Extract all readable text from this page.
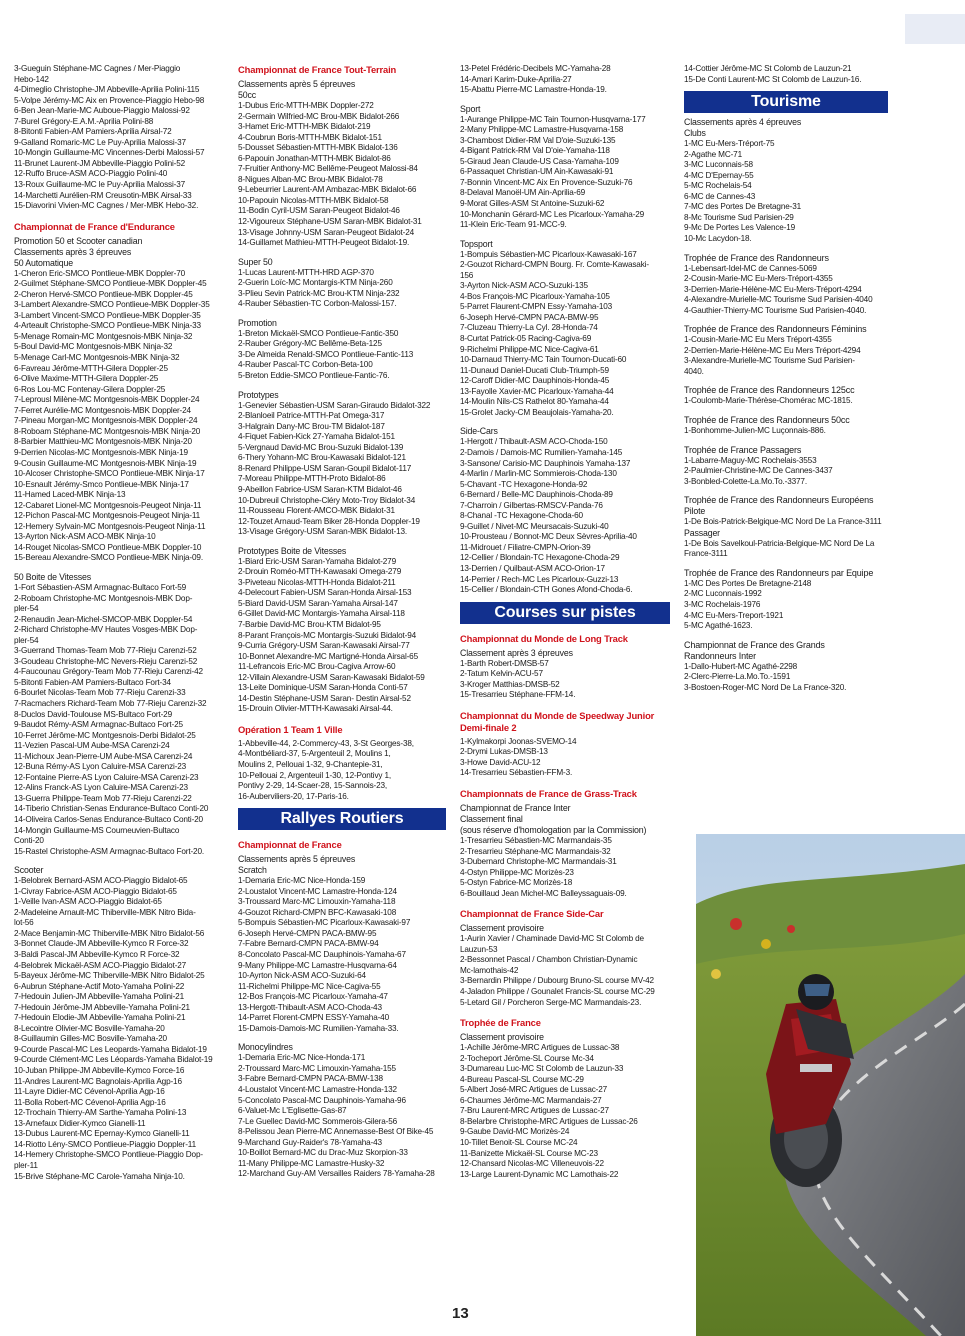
3-Gueguin Stéphane-MC Cagnes / Mer-Piaggio
Hebo-142
4-Dimeglio Christophe-JM Abbeville-Aprilia Polini-115
5-Volpe Jérémy-MC Aix en Provence-Piaggio Hebo-98
6-Ben Jean-Marie-MC Auboue-Piaggio Malossi-92
7-Burel Grégory-E.A.M.-Aprilia Polini-88
8-Bitonti Fabien-AM Pamiers-Aprilia Airsal-72
9-Galland Romaric-MC Le Puy-Aprilia Malossi-37
10-Mongin Guillaume-MC Vincennes-Derbi Malossi-57
11-Brunet Laurent-JM Abbeville-Piaggio Polini-52
12-Ruffo Bruce-ASM ACO-Piaggio Polini-40
13-Roux Guillaume-MC le Puy-Aprilia Malossi-37
14-Marchetti Aurélien-RM Creusotin-MBK Airsal-33
15-Diavorini Vivien-MC Cagnes / Mer-MBK Hebo-32.
Championnat de France d'Endurance
Promotion 50 et Scooter canadian
Classements après 3 épreuves
50 Automatique
1-Cheron Eric-SMCO Pontlieue-MBK Doppler-70
2-Guilmet Stéphane-SMCO Pontlieue-MBK Doppler-45
2-Cheron Hervé-SMCO Pontlieue-MBK Doppler-45
3-Lambert Alexandre-SMCO Pontlieue-MBK Doppler-35
3-Lambert Vincent-SMCO Pontlieue-MBK Doppler-35
4-Arteault Christophe-SMCO Pontlieue-MBK Ninja-33
5-Menage Romain-MC Montgesnois-MBK Ninja-32
5-Boul David-MC Montgesnois-MBK Ninja-32
5-Menage Carl-MC Montgesnois-MBK Ninja-32
6-Favreau Jérôme-MTTH-Gilera Doppler-25
6-Olive Maxime-MTTH-Gilera Doppler-25
6-Ros Lou-MC Fontenay-Gilera Doppler-25
7-Leprousl Milène-MC Montgesnois-MBK Doppler-24
7-Ferret Aurélie-MC Montgesnois-MBK Doppler-24
7-Pineau Morgan-MC Montgesnois-MBK Doppler-24
8-Roboam Stéphane-MC Montgesnois-MBK Ninja-20
8-Barbier Matthieu-MC Montgesnois-MBK Ninja-20
9-Derrien Nicolas-MC Montgesnois-MBK Ninja-19
9-Cousin Guillaume-MC Montgesnois-MBK Ninja-19
10-Alcoser Christophe-SMCO Pontlieue-MBK Ninja-17
10-Esnault Jérémy-Smco Pontlieue-MBK Ninja-17
11-Hamed Laced-MBK Ninja-13
12-Cabaret Lionel-MC Montgesnois-Peugeot Ninja-11
12-Pichon Pascal-MC Montgesnois-Peugeot Ninja-11
12-Hemery Sylvain-MC Montgesnois-Peugeot Ninja-11
13-Ayrton Nick-ASM ACO-MBK Ninja-10
14-Rouget Nicolas-SMCO Pontlieue-MBK Doppler-10
15-Bereau Alexandre-SMCO Pontlieue-MBK Ninja-09.
50 Boite de Vitesses
1-Fort Sébastien-ASM Armagnac-Bultaco Fort-59
2-Roboam Christophe-MC Montgesnois-MBK Dop-
pler-54
2-Renaudin Jean-Michel-SMCOP-MBK Doppler-54
2-Richard Christophe-MV Hautes Vosges-MBK Dop-
pler-54
3-Guerrand Thomas-Team Mob 77-Rieju Carenzi-52
3-Goudeau Christophe-MC Nevers-Rieju Carenzi-52
4-Faucounau Grégory-Team Mob 77-Rieju Carenzi-42
5-Bitonti Fabien-AM Pamiers-Bultaco Fort-34
6-Bourlet Nicolas-Team Mob 77-Rieju Carenzi-33
7-Racmachers Richard-Team Mob 77-Rieju Carenzi-32
8-Duclos David-Toulouse MS-Bultaco Fort-29
9-Baudot Rémy-ASM Armagnac-Bultaco Fort-25
10-Ferret Jérôme-MC Montgesnois-Derbi Bidalot-25
11-Vezien Pascal-UM Aube-MSA Carenzi-24
11-Michoux Jean-Pierre-UM Aube-MSA Carenzi-24
12-Buna Rémy-AS Lyon Caluire-MSA Carenzi-23
12-Fontaine Pierre-AS Lyon Caluire-MSA Carenzi-23
12-Alins Franck-AS Lyon Caluire-MSA Carenzi-23
13-Guerra Philippe-Team Mob 77-Rieju Carenzi-22
14-Tiberio Christian-Senas Endurance-Bultaco Conti-20
14-Oliveira Carlos-Senas Endurance-Bultaco Conti-20
14-Mongin Guillaume-MS Courneuvien-Bultaco
Conti-20
15-Rastel Christophe-ASM Armagnac-Bultaco Fort-20.
Scooter
1-Belobrek Bernard-ASM ACO-Piaggio Bidalot-65
1-Civray Fabrice-ASM ACO-Piaggio Bidalot-65
1-Veille Ivan-ASM ACO-Piaggio Bidalot-65
2-Madeleine Arnault-MC Thiberville-MBK Nitro Bida-
lot-56
2-Mace Benjamin-MC Thiberville-MBK Nitro Bidalot-56
3-Bonnet Claude-JM Abbeville-Kymco R Force-32
3-Baldi Pascal-JM Abbeville-Kymco R Force-32
4-Belobrek Mickaël-ASM ACO-Piaggio Bidalot-27
5-Bayeux Jérôme-MC Thiberville-MBK Nitro Bidalot-25
6-Aubrun Stéphane-Actif Moto-Yamaha Polini-22
7-Hedouin Julien-JM Abbeville-Yamaha Polini-21
7-Hedouin Jérôme-JM Abbeville-Yamaha Polini-21
7-Hedouin Elodie-JM Abbeville-Yamaha Polini-21
8-Lecointre Olivier-MC Bosville-Yamaha-20
8-Guillaumin Gilles-MC Bosville-Yamaha-20
9-Courde Pascal-MC Les Leopards-Yamaha Bidalot-19
9-Courde Clément-MC Les Léopards-Yamaha Bidalot-19
10-Juban Philippe-JM Abbeville-Kymco Force-16
11-Andres Laurent-MC Bagnolais-Aprilia Agp-16
11-Layre Didier-MC Cévenol-Aprilia Agp-16
11-Bolla Robert-MC Cévenol-Aprilia Agp-16
12-Trochain Thierry-AM Sarthe-Yamaha Polini-13
13-Arnefaux Didier-Kymco Gianelli-11
13-Dubus Laurent-MC Epernay-Kymco Gianelli-11
14-Riotto Lény-SMCO Pontlieue-Piaggio Doppler-11
14-Hemery Christophe-SMCO Pontlieue-Piaggio Dop-
pler-11
15-Brive Stéphane-MC Carole-Yamaha Ninja-10.
Championnat de France Tout-Terrain
Classements après 5 épreuves
50cc
1-Dubus Eric-MTTH-MBK Doppler-272
2-Germain Wilfried-MC Brou-MBK Bidalot-266
3-Hamet Eric-MTTH-MBK Bidalot-219
4-Coubrun Boris-MTTH-MBK Bidalot-151
5-Dousset Sébastien-MTTH-MBK Bidalot-136
6-Papouin Jonathan-MTTH-MBK Bidalot-86
7-Fruitier Anthony-MC Bellême-Peugeot Malossi-84
8-Nigues Alban-MC Brou-MBK Bidalot-78
9-Lebeurrier Laurent-AM Ambazac-MBK Bidalot-66
10-Papouin Nicolas-MTTH-MBK Bidalot-58
11-Bodin Cyril-USM Saran-Peugeot Bidalot-46
12-Vigoureux Stéphane-USM Saran-MBK Bidalot-31
13-Visage Johnny-USM Saran-Peugeot Bidalot-24
14-Guillamet Mathieu-MTTH-Peugeot Bidalot-19.
Super 50
1-Lucas Laurent-MTTH-HRD AGP-370
2-Guerin Loïc-MC Montargis-KTM Ninja-260
3-Plieu Sevin Patrick-MC Brou-KTM Ninja-232
4-Rauber Sébastien-TC Corbon-Malossi-157.
Promotion
1-Breton Mickaël-SMCO Pontlieue-Fantic-350
2-Rauber Grégory-MC Bellême-Beta-125
3-De Almeida Renald-SMCO Pontlieue-Fantic-113
4-Rauber Pascal-TC Corbon-Beta-100
5-Breton Eddie-SMCO Pontlieue-Fantic-76.
Prototypes
1-Genevier Sébastien-USM Saran-Giraudo Bidalot-322
2-Blanloeil Patrice-MTTH-Pat Omega-317
3-Halgrain Dany-MC Brou-TM Bidalot-187
4-Fiquet Fabien-Kick 27-Yamaha Bidalot-151
5-Vergnaud David-MC Brou-Suzuki Bidalot-139
6-Thery Yohann-MC Brou-Kawasaki Bidalot-121
8-Renard Philippe-USM Saran-Goupil Bidalot-117
7-Moreau Philippe-MTTH-Proto Bidalot-86
9-Abeillon Fabrice-USM Saran-KTM Bidalot-46
10-Dubreuil Christophe-Cléry Moto-Troy Bidalot-34
11-Rousseau Florent-AMCO-MBK Bidalot-31
12-Touzet Arnaud-Team Biker 28-Honda Doppler-19
13-Visage Grégory-USM Saran-MBK Bidalot-13.
Prototypes Boite de Vitesses
1-Biard Eric-USM Saran-Yamaha Bidalot-279
2-Drouin Roméo-MTTH-Kawasaki Omega-279
3-Piveteau Nicolas-MTTH-Honda Bidalot-211
4-Delecourt Fabien-USM Saran-Honda Airsal-153
5-Biard David-USM Saran-Yamaha Airsal-147
6-Gillet David-MC Montargis-Yamaha Airsal-118
7-Barbie David-MC Brou-KTM Bidalot-95
8-Parant François-MC Montargis-Suzuki Bidalot-94
9-Curria Grégory-USM Saran-Kawasaki Airsal-77
10-Bonnet Alexandre-MC Martigné-Honda Airsal-65
11-Lefrancois Eric-MC Brou-Cagiva Arrow-60
12-Villain Alexandre-USM Saran-Kawasaki Bidalot-59
13-Leite Dominique-USM Saran-Honda Conti-57
14-Destin Stéphane-USM Saran- Destin Airsal-52
15-Drouin Olivier-MTTH-Kawasaki Airsal-44.
Opération 1 Team 1 Ville
1-Abbeville-44, 2-Commercy-43, 3-St Georges-38,
4-Montbéliard-37, 5-Argenteuil 2, Moulins 1,
Moulins 2, Pellouai 1-32, 9-Chantepie-31,
10-Pellouai 2, Argenteuil 1-30, 12-Pontivy 1,
Pontivy 2-29, 14-Scaer-28, 15-Sannois-23,
16-Auberviliers-20, 17-Paris-16.
Rallyes Routiers
Championnat de France
Classements après 5 épreuves
Scratch
1-Demaria Eric-MC Nice-Honda-159
2-Loustalot Vincent-MC Lamastre-Honda-124
3-Troussard Marc-MC Limouxin-Yamaha-118
4-Gouzot Richard-CMPN BFC-Kawasaki-108
5-Bompuis Sébastien-MC Picarloux-Kawasaki-97
6-Joseph Hervé-CMPN PACA-BMW-95
7-Fabre Bernard-CMPN PACA-BMW-94
8-Concolato Pascal-MC Dauphinois-Yamaha-67
9-Many Philippe-MC Lamastre-Husqvarna-64
10-Ayrton Nick-ASM ACO-Suzuki-64
11-Richelmi Philippe-MC Nice-Cagiva-55
12-Bos François-MC Picarloux-Yamaha-47
13-Hergott-Thibault-ASM ACO-Choda-43
14-Parret Florent-CMPN ESSY-Yamaha-40
15-Damois-Damois-MC Rumilien-Yamaha-33.
Monocylindres
1-Demaria Eric-MC Nice-Honda-171
2-Troussard Marc-MC Limouxin-Yamaha-155
3-Fabre Bernard-CMPN PACA-BMW-138
4-Loustalot Vincent-MC Lamastre-Honda-132
5-Concolato Pascal-MC Dauphinois-Yamaha-96
6-Valuet-Mc L'Eglisette-Gas-87
7-Le Guellec David-MC Sommerois-Gilera-56
8-Pelissou Jean Pierre-MC Annemasse-Best Of Bike-45
9-Marchand Guy-Raider's 78-Yamaha-43
10-Boillot Bernard-MC du Drac-Muz Skorpion-33
11-Many Philippe-MC Lamastre-Husky-32
12-Marchand Guy-AM Versailles Raiders 78-Yamaha-28
13-Petel Frédéric-Decibels MC-Yamaha-28
14-Amari Karim-Duke-Aprilia-27
15-Abattu Pierre-MC Lamastre-Honda-19.
Sport
1-Aurange Philippe-MC Tain Tournon-Husqvarna-177
2-Many Philippe-MC Lamastre-Husqvarna-158
3-Chambost Didier-RM Val D'oie-Suzuki-135
4-Bigant Patrick-RM Val D'oie-Yamaha-118
5-Giraud Jean Claude-US Casa-Yamaha-109
6-Passaquet Christian-UM Ain-Kawasaki-91
7-Bonnin Vincent-MC Aix En Provence-Suzuki-76
8-Delaval Manoël-UM Ain-Aprilia-69
9-Morat Gilles-ASM St Antoine-Suzuki-62
10-Monchanin Gérard-MC Les Picarloux-Yamaha-29
11-Klein Eric-Team 91-MCC-9.
Topsport
1-Bompuis Sébastien-MC Picarloux-Kawasaki-167
2-Gouzot Richard-CMPN Bourg. Fr. Comte-Kawasaki-
156
3-Ayrton Nick-ASM ACO-Suzuki-135
4-Bos François-MC Picarloux-Yamaha-105
5-Parret Flaurent-CMPN Essy-Yamaha-103
6-Joseph Hervé-CMPN PACA-BMW-95
7-Cluzeau Thierry-La Cyl. 28-Honda-74
8-Curtat Patrick-05 Racing-Cagiva-69
9-Richelmi Philippe-MC Nice-Cagiva-61
10-Darnaud Thierry-MC Tain Tournon-Ducati-60
11-Dunaud Daniel-Ducati Club-Triumph-59
12-Caroff Didier-MC Dauphinois-Honda-45
13-Fayolle Xavier-MC Picarloux-Yamaha-44
14-Moulin Nils-CS Rathelot 80-Yamaha-44
15-Grolet Jacky-CM Beaujolais-Yamaha-20.
Side-Cars
1-Hergott / Thibault-ASM ACO-Choda-150
2-Damois / Damois-MC Rumilien-Yamaha-145
3-Sansone/ Carisio-MC Dauphinois Yamaha-137
4-Marlin / Marlin-MC Sommierois-Choda-130
5-Chavant -TC Hexagone-Honda-92
6-Bernard / Belle-MC Dauphinois-Choda-89
7-Charroin / Gilbertas-RMSCV-Panda-76
8-Chanal -TC Hexagone-Choda-60
9-Guillet / Nivet-MC Meursacais-Suzuki-40
10-Prousteau / Bonnot-MC Deux Sèvres-Aprilia-40
11-Midrouet / Filiatre-CMPN-Orion-39
12-Cellier / Blondain-TC Hexagone-Choda-29
13-Derrien / Quilbaut-ASM ACO-Orion-17
14-Perrier / Rech-MC Les Picarloux-Guzzi-13
15-Cellier / Blondain-CTH Gones Afond-Choda-6.
Courses sur pistes
Championnat du Monde de Long Track
Classement après 3 épreuves
1-Barth Robert-DMSB-57
2-Tatum Kelvin-ACU-57
3-Kroger Matthias-DMSB-52
15-Tresarrieu Stéphane-FFM-14.
Championnat du Monde de Speedway Junior
Demi-finale 2
1-Kylmakorpi Joonas-SVEMO-14
2-Drymi Lukas-DMSB-13
3-Howe David-ACU-12
14-Tresarrieu Sébastien-FFM-3.
Championnats de France de Grass-Track
Championnat de France Inter
Classement final
(sous réserve d'homologation par la Commission)
1-Tresarrieu Sébastien-MC Marmandais-35
2-Tresarrieu Stéphane-MC Marmandais-32
3-Dubernard Christophe-MC Marmandais-31
4-Ostyn Philippe-MC Morizès-23
5-Ostyn Fabrice-MC Morizès-18
6-Bouillaud Jean Michel-MC Balleyssaguais-09.
Championnat de France Side-Car
Classement provisoire
1-Aurin Xavier / Chaminade David-MC St Colomb de
Lauzun-53
2-Bessonnet Pascal / Chambon Christian-Dynamic
Mc-lamothais-42
3-Bernardin Philippe / Dubourg Bruno-SL course MV-42
4-Jaladon Philippe / Gounalet Francis-SL course MC-29
5-Letard Gil / Porcheron Serge-MC Marmandais-23.
Trophée de France
Classement provisoire
1-Achille Jérôme-MRC Artigues de Lussac-38
2-Tocheport Jérôme-SL Course Mc-34
3-Dumareau Luc-MC St Colomb de Lauzun-33
4-Bureau Pascal-SL Course MC-29
5-Albert José-MRC Artigues de Lussac-27
6-Chaumes Jérôme-MC Marmandais-27
7-Bru Laurent-MRC Artigues de Lussac-27
8-Belarbre Christophe-MRC Artigues de Lussac-26
9-Gaube David-MC Morizès-24
10-Tillet Benoit-SL Course MC-24
11-Banizette Mickaël-SL Course MC-23
12-Chansard Nicolas-MC Villeneuvois-22
13-Large Laurent-Dynamic MC Lamothais-22
14-Cottier Jérôme-MC St Colomb de Lauzun-21
15-De Conti Laurent-MC St Colomb de Lauzun-16.
Tourisme
Classements après 4 épreuves
Clubs
1-MC Eu-Mers-Tréport-75
2-Agathe MC-71
3-MC Luconnais-58
4-MC D'Epernay-55
5-MC Rochelais-54
6-MC de Cannes-43
7-MC des Portes De Bretagne-31
8-Mc Tourisme Sud Parisien-29
9-Mc De Portes Les Valence-19
10-Mc Lacydon-18.
Trophée de France des Randonneurs
1-Lebensart-Idel-MC de Cannes-5069
2-Cousin-Marie-MC Eu-Mers-Tréport-4355
3-Derrien-Marie-Hélène-MC Eu-Mers-Tréport-4294
4-Alexandre-Murielle-MC Tourisme Sud Parisien-4040
4-Gauthier-Thierry-MC Tourisme Sud Parisien-4040.
Trophée de France des Randonneurs Féminins
1-Cousin-Marie-MC Eu Mers Tréport-4355
2-Derrien-Marie-Hélène-MC Eu Mers Tréport-4294
3-Alexandre-Murielle-MC Tourisme Sud Parisien-
4040.
Trophée de France des Randonneurs 125cc
1-Coulomb-Marie-Thérèse-Chomérac MC-1815.
Trophée de France des Randonneurs 50cc
1-Bonhomme-Julien-MC Luçonnais-886.
Trophée de France Passagers
1-Labarre-Maguy-MC Rochelais-3553
2-Paulmier-Christine-MC De Cannes-3437
3-Bonbled-Colette-La.Mo.To.-3377.
Trophée de France des Randonneurs Européens
Pilote
1-De Bois-Patrick-Belgique-MC Nord De La France-3111
Passager
1-De Bois Savelkoul-Patricia-Belgique-MC Nord De La
France-3111
Trophée de France des Randonneurs par Equipe
1-MC Des Portes De Bretagne-2148
2-MC Luconnais-1992
3-MC Rochelais-1976
4-MC Eu-Mers-Treport-1921
5-MC Agathé-1623.
Championnat de France des Grands
Randonneurs Inter
1-Dallo-Hubert-MC Agathé-2298
2-Clerc-Pierre-La.Mo.To.-1591
3-Bostoen-Roger-MC Nord De La France-320.
13
